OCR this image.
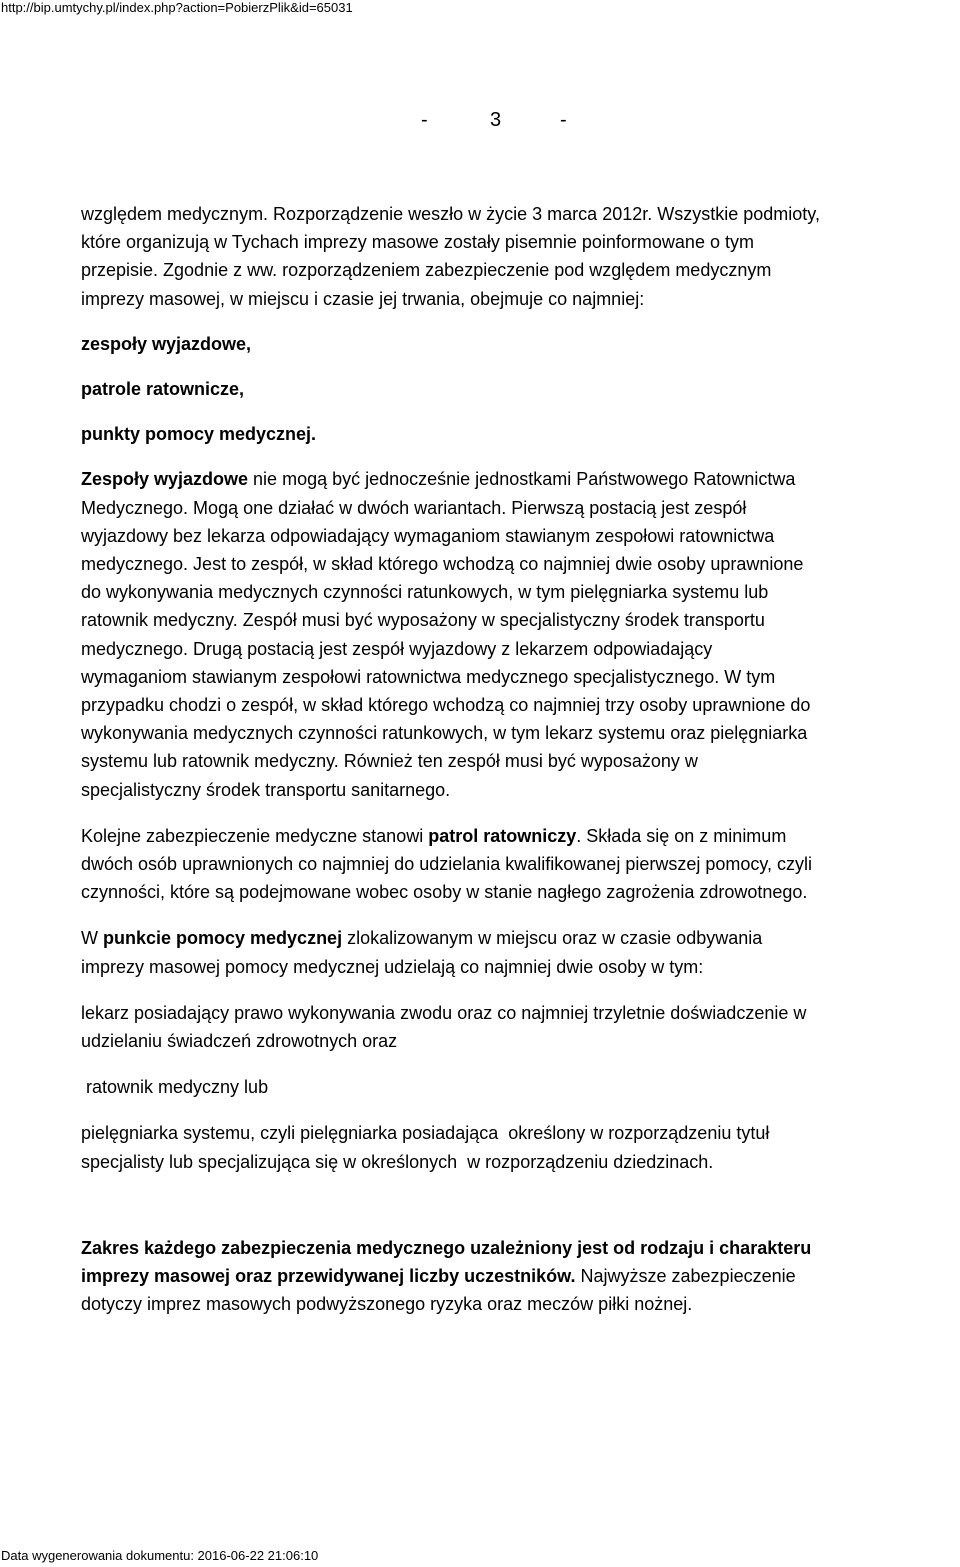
http://bip.umtychy.pl/index.php?action=PobierzPlik&id=65031
-	3	-

względem medycznym. Rozporządzenie weszło w życie 3 marca 2012r. Wszystkie podmioty,
które organizują w Tychach imprezy masowe zostały pisemnie poinformowane o tym
przepisie. Zgodnie z ww. rozporządzeniem zabezpieczenie pod względem medycznym
imprezy masowej, w miejscu i czasie jej trwania, obejmuje co najmniej:

zespoły wyjazdowe,

patrole ratownicze,

punkty pomocy medycznej.

Zespoły wyjazdowe nie mogą być jednocześnie jednostkami Państwowego Ratownictwa
Medycznego. Mogą one działać w dwóch wariantach. Pierwszą postacią jest zespół
wyjazdowy bez lekarza odpowiadający wymaganiom stawianym zespołowi ratownictwa
medycznego. Jest to zespół, w skład którego wchodzą co najmniej dwie osoby uprawnione
do wykonywania medycznych czynności ratunkowych, w tym pielęgniarka systemu lub
ratownik medyczny. Zespół musi być wyposażony w specjalistyczny środek transportu
medycznego. Drugą postacią jest zespół wyjazdowy z lekarzem odpowiadający
wymaganiom stawianym zespołowi ratownictwa medycznego specjalistycznego. W tym
przypadku chodzi o zespół, w skład którego wchodzą co najmniej trzy osoby uprawnione do
wykonywania medycznych czynności ratunkowych, w tym lekarz systemu oraz pielęgniarka
systemu lub ratownik medyczny. Również ten zespół musi być wyposażony w
specjalistyczny środek transportu sanitarnego.

Kolejne zabezpieczenie medyczne stanowi patrol ratowniczy. Składa się on z minimum
dwóch osób uprawnionych co najmniej do udzielania kwalifikowanej pierwszej pomocy, czyli
czynności, które są podejmowane wobec osoby w stanie nagłego zagrożenia zdrowotnego.

W punkcie pomocy medycznej zlokalizowanym w miejscu oraz w czasie odbywania
imprezy masowej pomocy medycznej udzielają co najmniej dwie osoby w tym:

lekarz posiadający prawo wykonywania zwodu oraz co najmniej trzyletnie doświadczenie w
udzielaniu świadczeń zdrowotnych oraz

ratownik medyczny lub

pielęgniarka systemu, czyli pielęgniarka posiadająca  określony w rozporządzeniu tytuł
specjalisty lub specjalizująca się w określonych  w rozporządzeniu dziedzinach.

Zakres każdego zabezpieczenia medycznego uzależniony jest od rodzaju i charakteru
imprezy masowej oraz przewidywanej liczby uczestników. Najwyższe zabezpieczenie
dotyczy imprez masowych podwyższonego ryzyka oraz meczów piłki nożnej.

Data wygenerowania dokumentu: 2016-06-22 21:06:10
